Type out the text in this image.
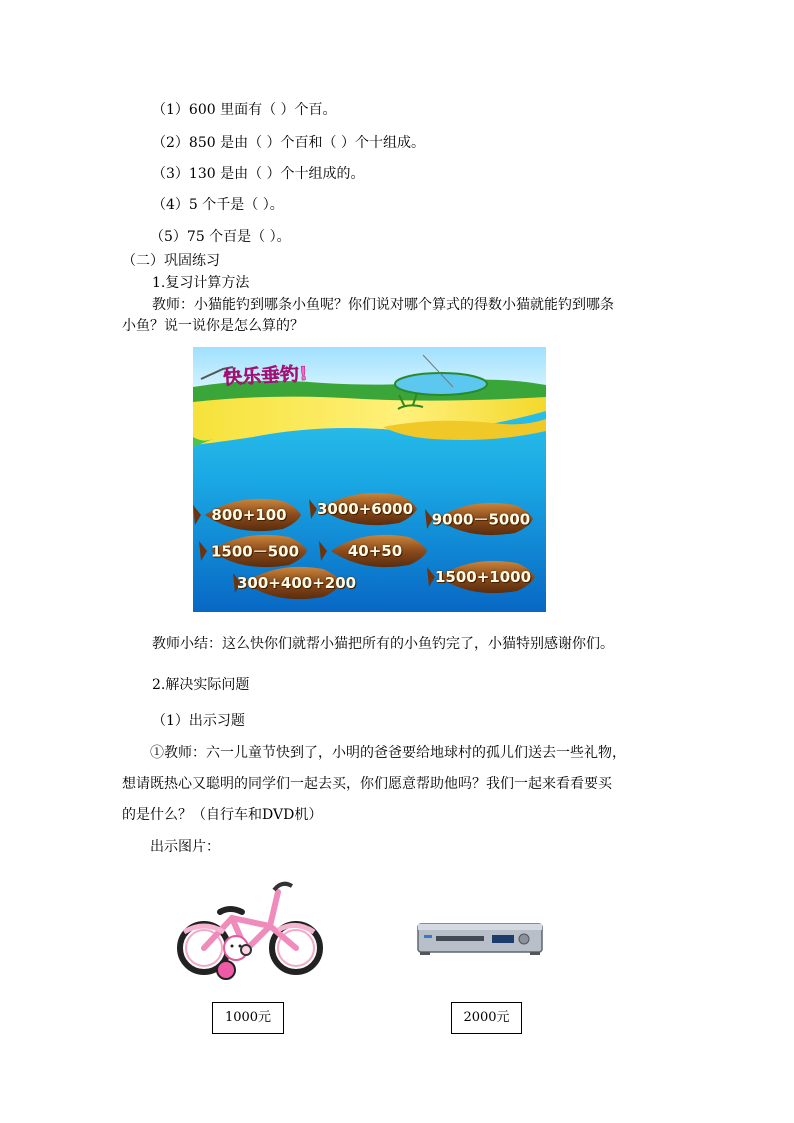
（1）600 里面有（ ）个百。
（2）850 是由（ ）个百和（ ）个十组成。
（3）130 是由（ ）个十组成的。
（4）5 个千是（ ）。
（5）75 个百是（ ）。
（二）巩固练习
1.复习计算方法
教师：小猫能钓到哪条小鱼呢？你们说对哪个算式的得数小猫就能钓到哪条
小鱼？说一说你是怎么算的？
快乐垂钓!
800+100	3000+6000
9000－5000
1500－500	40+50
1500+1000
300+400+200
教师小结：这么快你们就帮小猫把所有的小鱼钓完了，小猫特别感谢你们。
2.解决实际问题
（1）出示习题
①教师：六一儿童节快到了，小明的爸爸要给地球村的孤儿们送去一些礼物，
想请既热心又聪明的同学们一起去买，你们愿意帮助他吗？我们一起来看看要买
的是什么？（自行车和DVD机）
出示图片：
1000元	2000元
